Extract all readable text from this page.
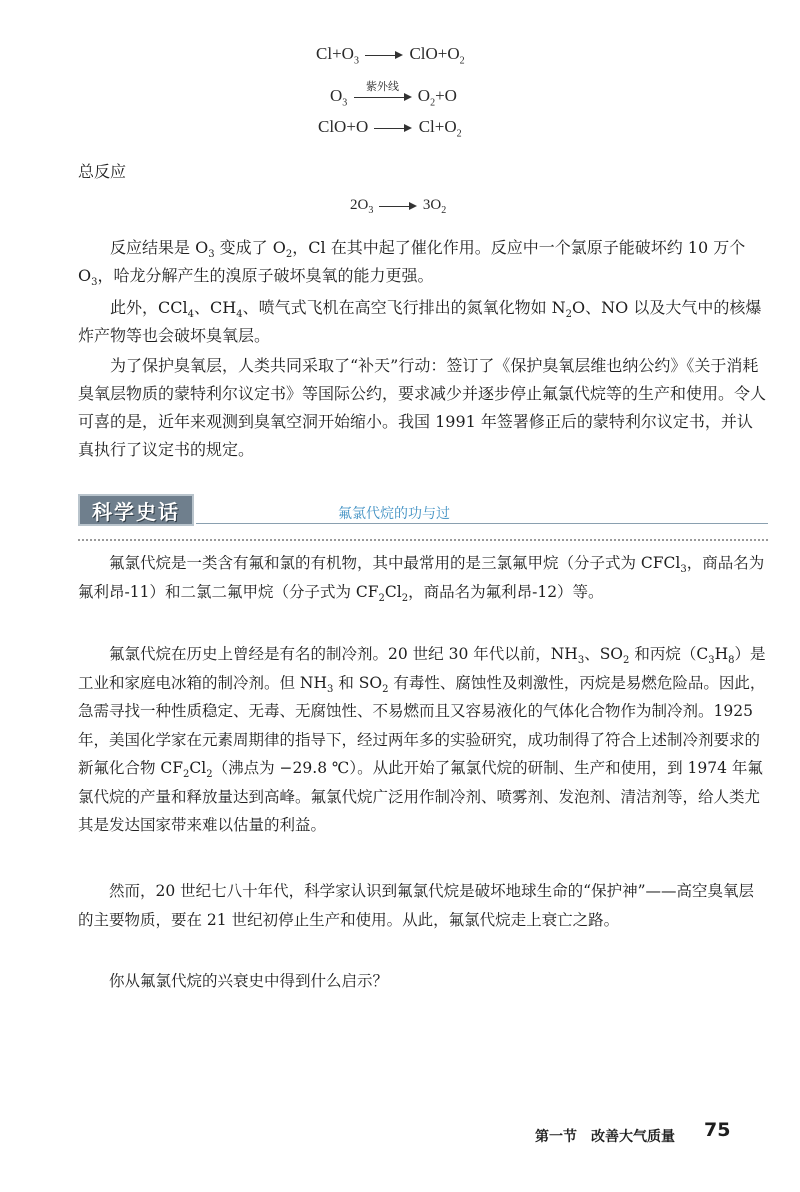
$Cl+O_3$	$ClO+O_2$
$O_3$
紫外线	$O_2+O$
ClO+O	$Cl+O_2$
总反应
$2O_3$	$3O_2$
反应结果是 $O_3$ 变成了 $O_2$，Cl 在其中起了催化作用。反应中一个氯原子能破坏约 10 万个 $O_3$，哈龙分解产生的溴原子破坏臭氧的能力更强。
此外，CCl$_4$、$CH_4$、喷气式飞机在高空飞行排出的氮氧化物如 $N_2O$、NO 以及大气中的核爆炸产物等也会破坏臭氧层。
为了保护臭氧层，人类共同采取了“补天”行动：签订了《保护臭氧层维也纳公约》《关于消耗臭氧层物质的蒙特利尔议定书》等国际公约，要求减少并逐步停止氟氯代烷等的生产和使用。令人可喜的是，近年来观测到臭氧空洞开始缩小。我国 1991 年签署修正后的蒙特利尔议定书，并认真执行了议定书的规定。
科学史话	氟氯代烷的功与过
氟氯代烷是一类含有氟和氯的有机物，其中最常用的是三氯氟甲烷（分子式为 CFCl$_3$，商品名为氟利昂-11）和二氯二氟甲烷（分子式为 $CF_2Cl_2$，商品名为氟利昂-12）等。
氟氯代烷在历史上曾经是有名的制冷剂。20 世纪 30 年代以前，$NH_3$、$SO_2$ 和丙烷$(C_3H_8)$是工业和家庭电冰箱的制冷剂。但 $NH_3$ 和 $SO_2$ 有毒性、腐蚀性及刺激性，丙烷是易燃危险品。因此，急需寻找一种性质稳定、无毒、无腐蚀性、不易燃而且又容易液化的气体化合物作为制冷剂。1925 年，美国化学家在元素周期律的指导下，经过两年多的实验研究，成功制得了符合上述制冷剂要求的新氟化合物 $CF_2Cl_2$（沸点为 −29.8 ℃）。从此开始了氟氯代烷的研制、生产和使用，到 1974 年氟氯代烷的产量和释放量达到高峰。氟氯代烷广泛用作制冷剂、喷雾剂、发泡剂、清洁剂等，给人类尤其是发达国家带来难以估量的利益。
然而，20 世纪七八十年代，科学家认识到氟氯代烷是破坏地球生命的“保护神”——高空臭氧层的主要物质，要在 21 世纪初停止生产和使用。从此，氟氯代烷走上衰亡之路。
你从氟氯代烷的兴衰史中得到什么启示？
第一节　改善大气质量 75
